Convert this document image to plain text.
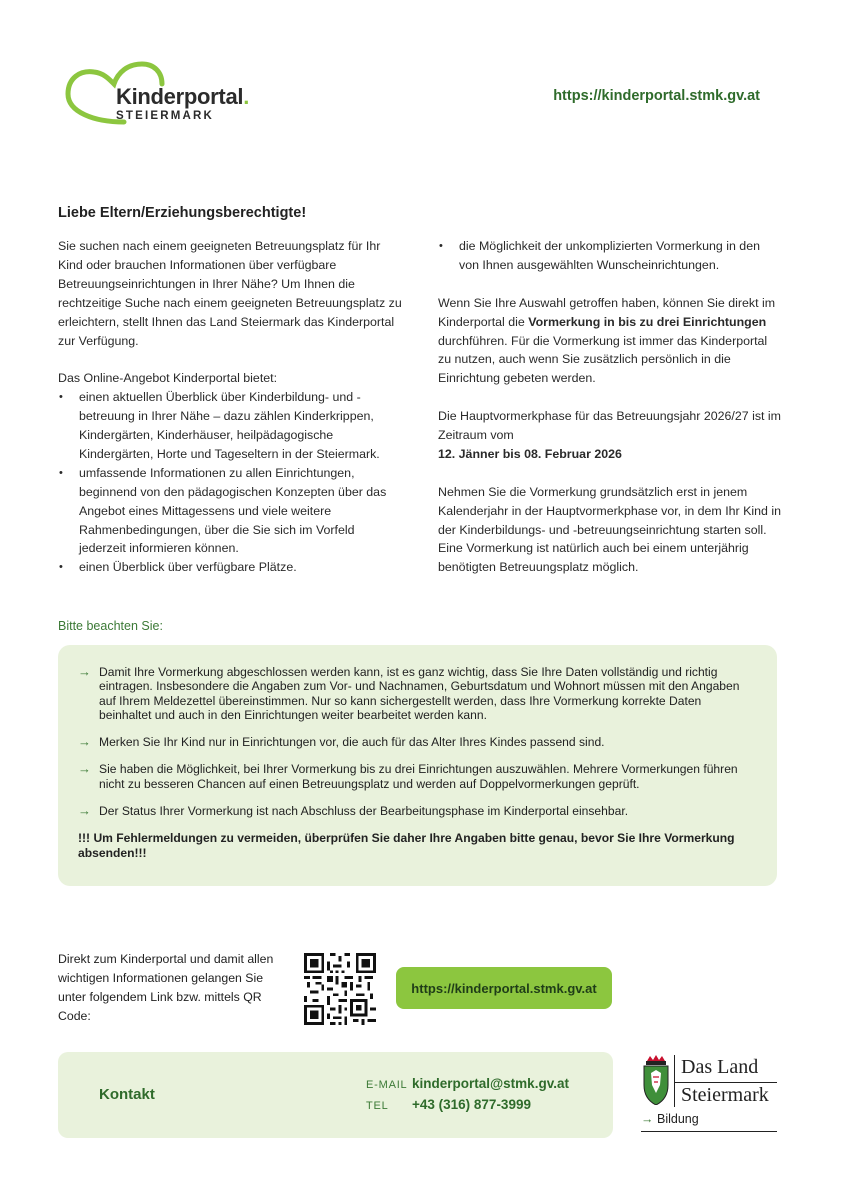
Kinderportal.
STEIERMARK
https://kinderportal.stmk.gv.at
Liebe Eltern/Erziehungsberechtigte!

Sie suchen nach einem geeigneten Betreuungsplatz für Ihr Kind oder brauchen Informationen über verfügbare Betreuungseinrichtungen in Ihrer Nähe? Um Ihnen die rechtzeitige Suche nach einem geeigneten Betreuungsplatz zu erleichtern, stellt Ihnen das Land Steiermark das Kinderportal zur Verfügung.

Das Online-Angebot Kinderportal bietet:
• einen aktuellen Überblick über Kinderbildung- und -betreuung in Ihrer Nähe – dazu zählen Kinderkrippen, Kindergärten, Kinderhäuser, heilpädagogische Kindergärten, Horte und Tageseltern in der Steiermark.
• umfassende Informationen zu allen Einrichtungen, beginnend von den pädagogischen Konzepten über das Angebot eines Mittagessens und viele weitere Rahmenbedingungen, über die Sie sich im Vorfeld jederzeit informieren können.
• einen Überblick über verfügbare Plätze.
• die Möglichkeit der unkomplizierten Vormerkung in den von Ihnen ausgewählten Wunscheinrichtungen.

Wenn Sie Ihre Auswahl getroffen haben, können Sie direkt im Kinderportal die Vormerkung in bis zu drei Einrichtungen durchführen. Für die Vormerkung ist immer das Kinderportal zu nutzen, auch wenn Sie zusätzlich persönlich in die Einrichtung gebeten werden.

Die Hauptvormerkphase für das Betreuungsjahr 2026/27 ist im Zeitraum vom
12. Jänner bis 08. Februar 2026

Nehmen Sie die Vormerkung grundsätzlich erst in jenem Kalenderjahr in der Hauptvormerkphase vor, in dem Ihr Kind in der Kinderbildungs- und -betreuungseinrichtung starten soll. Eine Vormerkung ist natürlich auch bei einem unterjährig benötigten Betreuungsplatz möglich.

Bitte beachten Sie:
→ Damit Ihre Vormerkung abgeschlossen werden kann, ist es ganz wichtig, dass Sie Ihre Daten vollständig und richtig eintragen. Insbesondere die Angaben zum Vor- und Nachnamen, Geburtsdatum und Wohnort müssen mit den Angaben auf Ihrem Meldezettel übereinstimmen. Nur so kann sichergestellt werden, dass Ihre Vormerkung korrekte Daten beinhaltet und auch in den Einrichtungen weiter bearbeitet werden kann.
→ Merken Sie Ihr Kind nur in Einrichtungen vor, die auch für das Alter Ihres Kindes passend sind.
→ Sie haben die Möglichkeit, bei Ihrer Vormerkung bis zu drei Einrichtungen auszuwählen. Mehrere Vormerkungen führen nicht zu besseren Chancen auf einen Betreuungsplatz und werden auf Doppelvormerkungen geprüft.
→ Der Status Ihrer Vormerkung ist nach Abschluss der Bearbeitungsphase im Kinderportal einsehbar.
!!! Um Fehlermeldungen zu vermeiden, überprüfen Sie daher Ihre Angaben bitte genau, bevor Sie Ihre Vormerkung absenden!!!
Direkt zum Kinderportal und damit allen wichtigen Informationen gelangen Sie unter folgendem Link bzw. mittels QR Code:
https://kinderportal.stmk.gv.at
Kontakt
E-MAIL kinderportal@stmk.gv.at
TEL +43 (316) 877-3999
Das Land
Steiermark
→ Bildung
